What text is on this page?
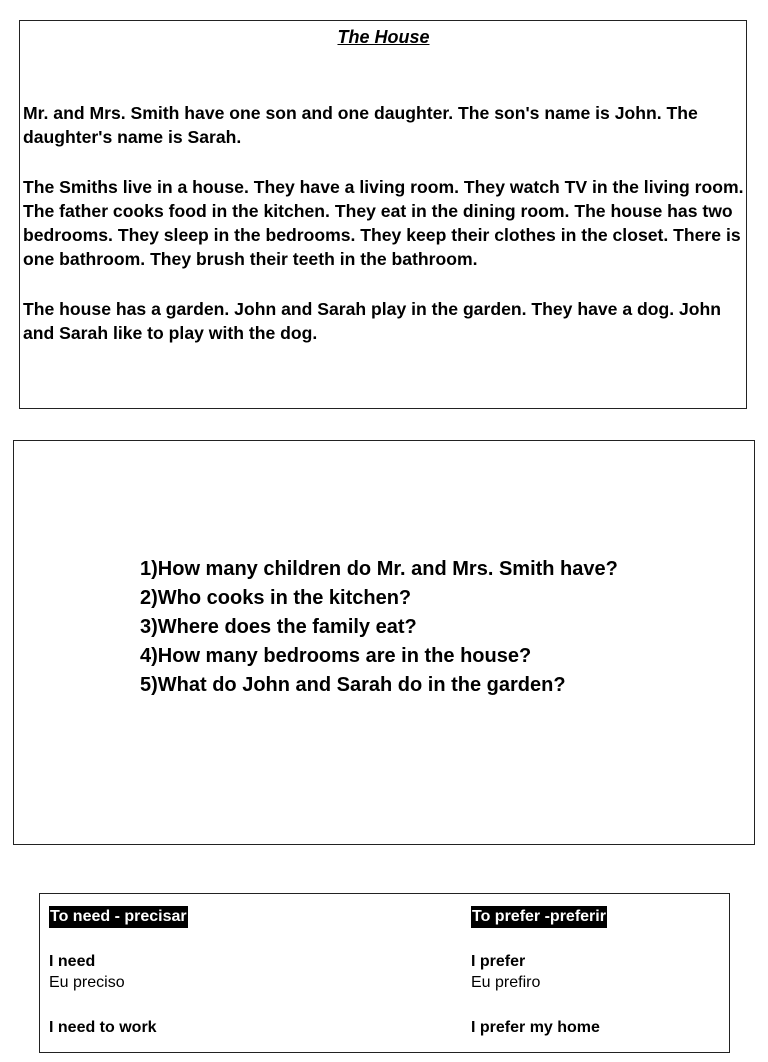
The House

Mr. and Mrs. Smith have one son and one daughter. The son's name is John. The daughter's name is Sarah.

The Smiths live in a house. They have a living room. They watch TV in the living room. The father cooks food in the kitchen. They eat in the dining room. The house has two bedrooms. They sleep in the bedrooms. They keep their clothes in the closet. There is one bathroom. They brush their teeth in the bathroom.

The house has a garden. John and Sarah play in the garden. They have a dog. John and Sarah like to play with the dog.

1)How many children do Mr. and Mrs. Smith have?
2)Who cooks in the kitchen?
3)Where does the family eat?
4)How many bedrooms are in the house?
5)What do John and Sarah do in the garden?
To need - precisar
I need
Eu preciso
I need to work
To prefer -preferir
I prefer
Eu prefiro
I prefer my home
